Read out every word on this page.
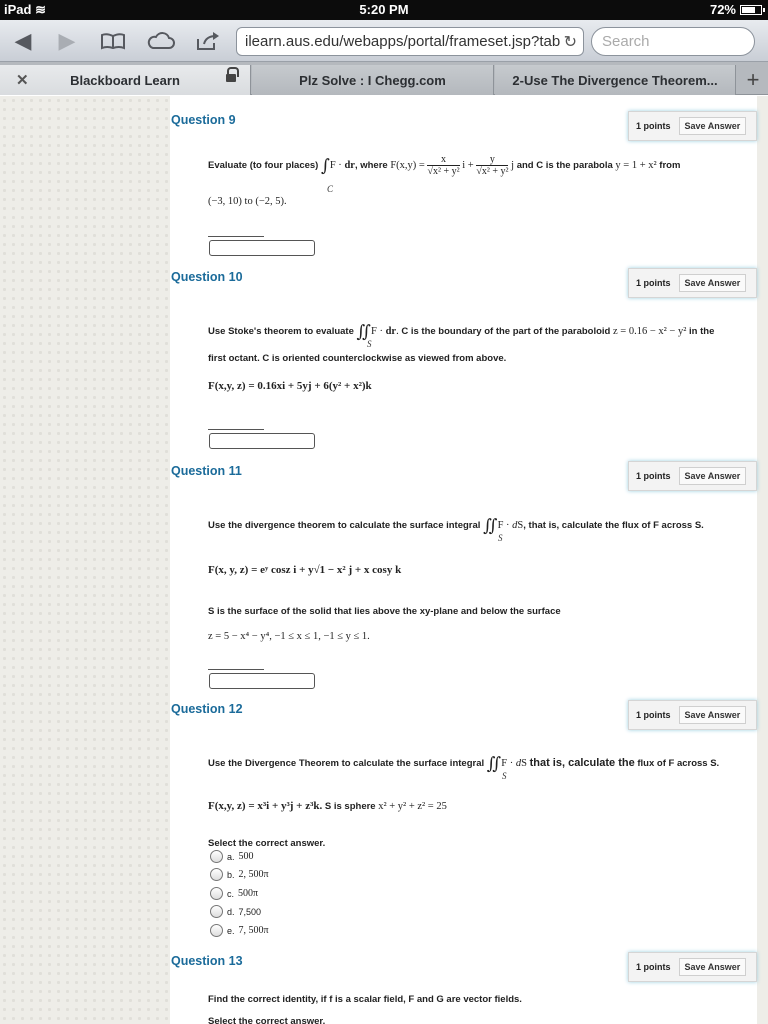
iPad ≋	5:20 PM	72%
◀ ▶	ilearn.aus.edu/webapps/portal/frameset.jsp?tab ↻	Search
✕	Blackboard Learn	Plz Solve : I Chegg.com	2-Use The Divergence Theorem...	+
Question 9	1 points	Save Answer
Evaluate (to four places) ∫F · dr, where $F(x,y) = \frac{x}{\text{√x² + y²}}$ $i + \frac{y}{\text{√x² + y²}}$ j and C is the parabola y = 1 + x² from
C
(−3, 10) to (−2, 5).
Question 10	1 points	Save Answer
Use Stoke's theorem to evaluate ∬F · dr. C is the boundary of the part of the paraboloid z = 0.16 − x² − y² in the
S
first octant. C is oriented counterclockwise as viewed from above.
F(x,y, z) = 0.16xi + 5yj + 6(y² + x²)k
Question 11	1 points	Save Answer
Use the divergence theorem to calculate the surface integral ∬F · dS, that is, calculate the flux of F across S.
S
F(x, y, z) = eʸ cosz i + y√1 − x² j + x cosy k
S is the surface of the solid that lies above the xy-plane and below the surface
z = 5 − x⁴ − y⁴, −1 ≤ x ≤ 1, −1 ≤ y ≤ 1.
Question 12	1 points	Save Answer
Use the Divergence Theorem to calculate the surface integral ∬F · dS that is, calculate the flux of F across S.
S
F(x,y, z) = x³i + y³j + z³k. S is sphere x² + y² + z² = 25
Select the correct answer.
a. 500
b. 2, 500π
c. 500π
d. 7,500
e. 7, 500π
Question 13	1 points	Save Answer
Find the correct identity, if f is a scalar field, F and G are vector fields.
Select the correct answer.
